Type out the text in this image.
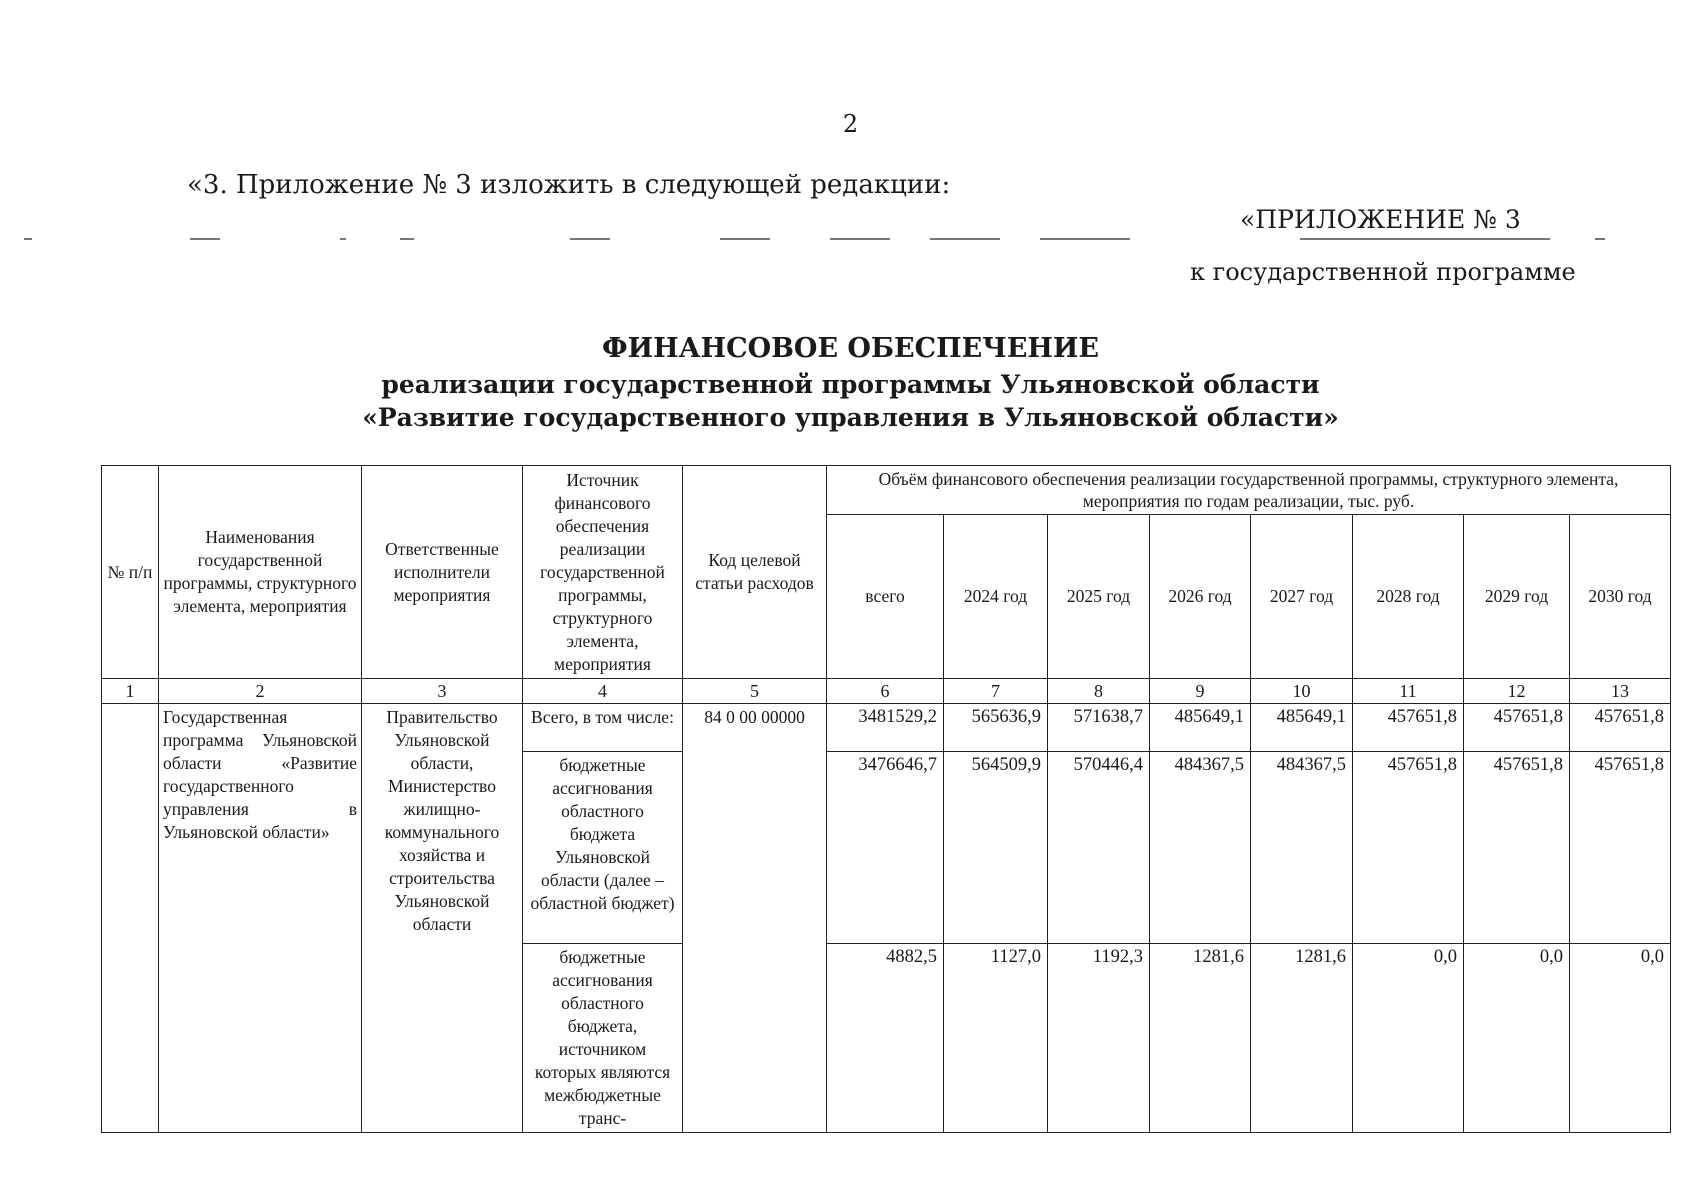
2
«3. Приложение № 3 изложить в следующей редакции:
«ПРИЛОЖЕНИЕ № 3
к государственной программе
ФИНАНСОВОЕ ОБЕСПЕЧЕНИЕ
реализации государственной программы Ульяновской области
«Развитие государственного управления в Ульяновской области»
№ п/п	Наименования государственной программы, структурного элемента, мероприятия	Ответственные исполнители мероприятия	Источник финансового обеспечения реализации государственной программы, структурного элемента, мероприятия	Код целевой статьи расходов	Объём финансового обеспечения реализации государственной программы, структурного элемента, мероприятия по годам реализации, тыс. руб.							
					всего	2024 год	2025 год	2026 год	2027 год	2028 год	2029 год	2030 год
1	2	3	4	5	6	7	8	9	10	11	12	13
	Государственная программа Ульяновской области «Развитие государственного управления в Ульяновской области»	Правительство Ульяновской области, Министерство жилищно-коммунального хозяйства и строительства Ульяновской области	Всего, в том числе:	84 0 00 00000	3481529,2	565636,9	571638,7	485649,1	485649,1	457651,8	457651,8	457651,8
			бюджетные ассигнования областного бюджета Ульяновской области (далее – областной бюджет)		3476646,7	564509,9	570446,4	484367,5	484367,5	457651,8	457651,8	457651,8
			бюджетные ассигнования областного бюджета, источником которых являются межбюджетные транс-		4882,5	1127,0	1192,3	1281,6	1281,6	0,0	0,0	0,0
